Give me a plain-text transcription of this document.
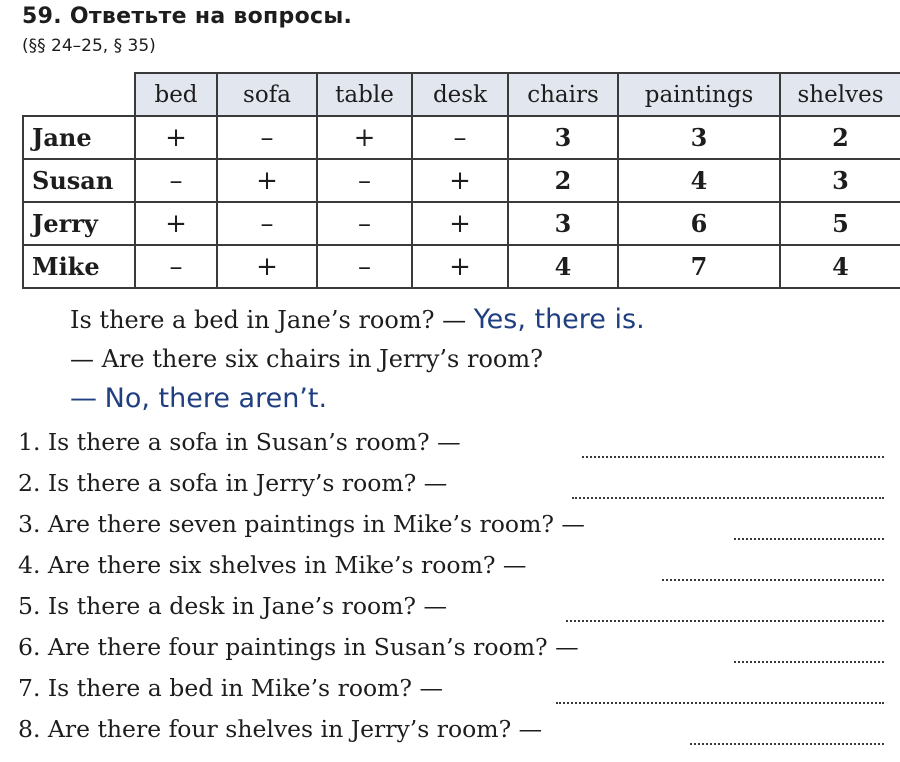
59. Ответьте на вопросы.
(§§ 24–25, § 35)
	bed	sofa	table	desk	chairs	paintings	shelves
Jane	+	–	+	–	3	3	2
Susan	–	+	–	+	2	4	3
Jerry	+	–	–	+	3	6	5
Mike	–	+	–	+	4	7	4
Is there a bed in Jane’s room? — Yes, there is.
— Are there six chairs in Jerry’s room?
— No, there aren’t.
1. Is there a sofa in Susan’s room? —
2. Is there a sofa in Jerry’s room? —
3. Are there seven paintings in Mike’s room? —
4. Are there six shelves in Mike’s room? —
5. Is there a desk in Jane’s room? —
6. Are there four paintings in Susan’s room? —
7. Is there a bed in Mike’s room? —
8. Are there four shelves in Jerry’s room? —
